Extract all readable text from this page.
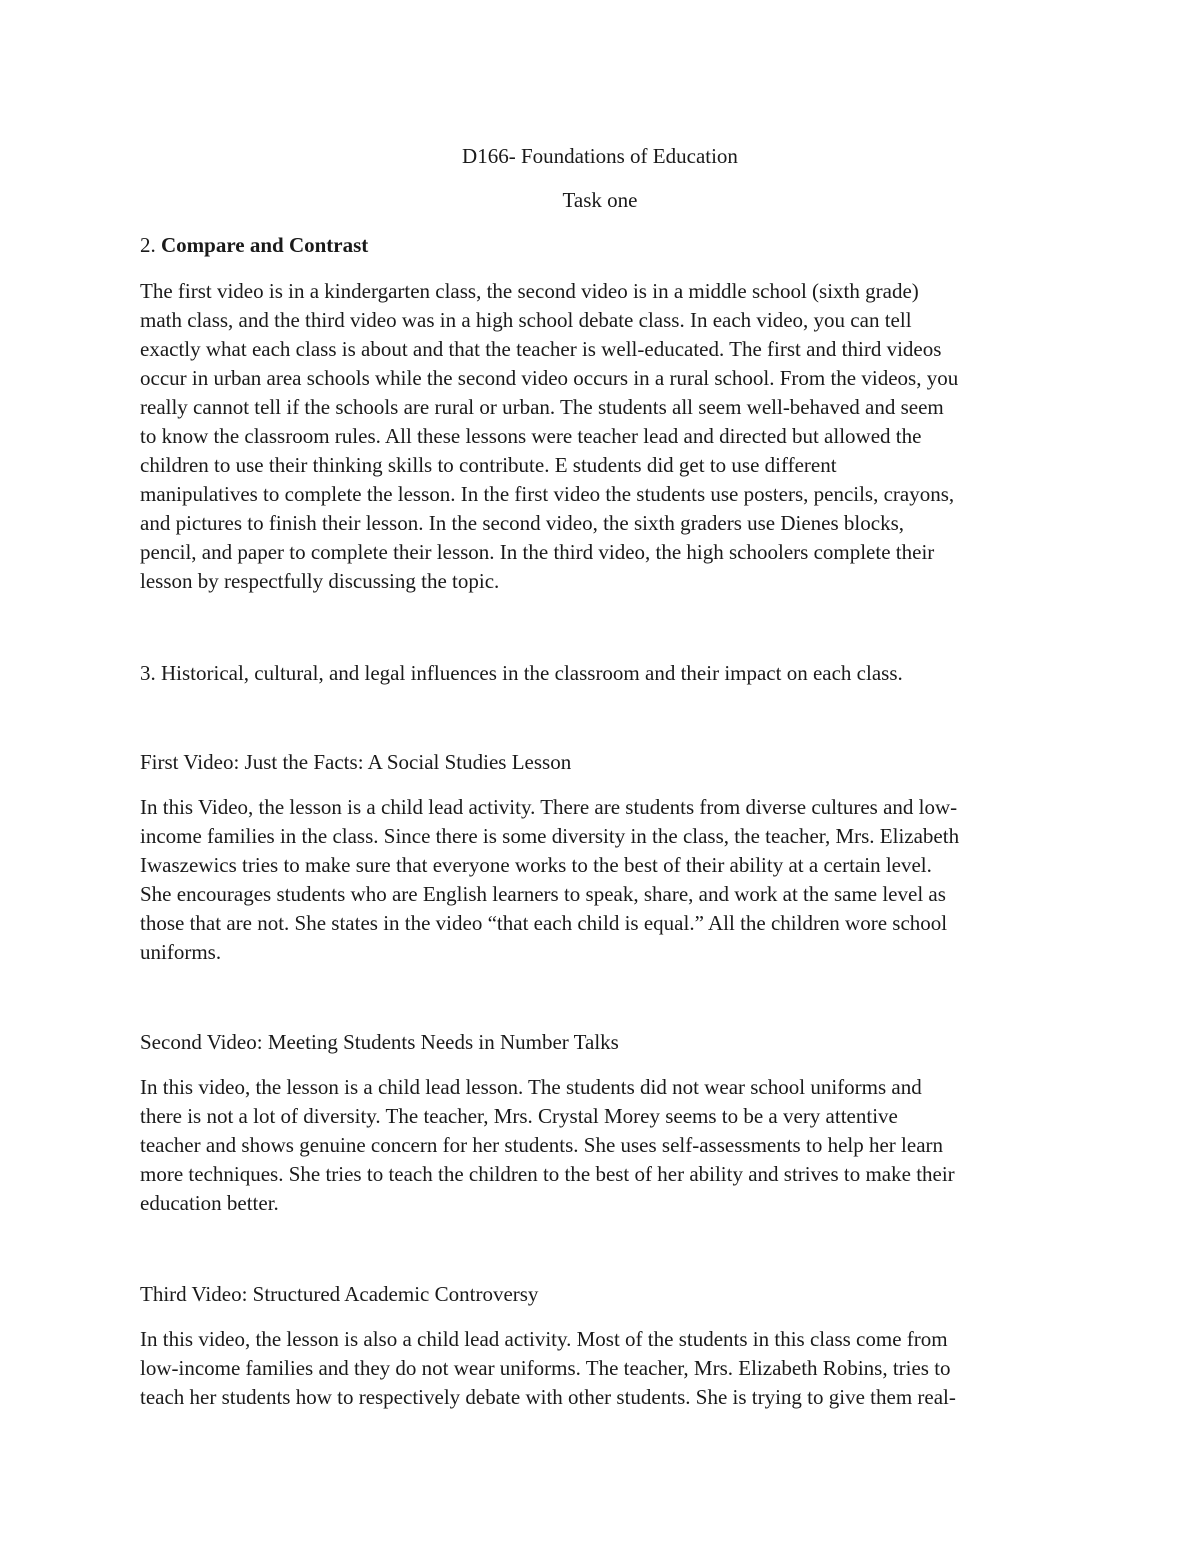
D166- Foundations of Education
Task one
2. Compare and Contrast
The first video is in a kindergarten class, the second video is in a middle school (sixth grade)
math class, and the third video was in a high school debate class. In each video, you can tell
exactly what each class is about and that the teacher is well-educated. The first and third videos
occur in urban area schools while the second video occurs in a rural school. From the videos, you
really cannot tell if the schools are rural or urban. The students all seem well-behaved and seem
to know the classroom rules. All these lessons were teacher lead and directed but allowed the
children to use their thinking skills to contribute. E students did get to use different
manipulatives to complete the lesson. In the first video the students use posters, pencils, crayons,
and pictures to finish their lesson. In the second video, the sixth graders use Dienes blocks,
pencil, and paper to complete their lesson. In the third video, the high schoolers complete their
lesson by respectfully discussing the topic.
3. Historical, cultural, and legal influences in the classroom and their impact on each class.
First Video: Just the Facts: A Social Studies Lesson
In this Video, the lesson is a child lead activity. There are students from diverse cultures and low-
income families in the class. Since there is some diversity in the class, the teacher, Mrs. Elizabeth
Iwaszewics tries to make sure that everyone works to the best of their ability at a certain level.
She encourages students who are English learners to speak, share, and work at the same level as
those that are not. She states in the video “that each child is equal.” All the children wore school
uniforms.
Second Video: Meeting Students Needs in Number Talks
In this video, the lesson is a child lead lesson. The students did not wear school uniforms and
there is not a lot of diversity. The teacher, Mrs. Crystal Morey seems to be a very attentive
teacher and shows genuine concern for her students. She uses self-assessments to help her learn
more techniques. She tries to teach the children to the best of her ability and strives to make their
education better.
Third Video: Structured Academic Controversy
In this video, the lesson is also a child lead activity. Most of the students in this class come from
low-income families and they do not wear uniforms. The teacher, Mrs. Elizabeth Robins, tries to
teach her students how to respectively debate with other students. She is trying to give them real-
